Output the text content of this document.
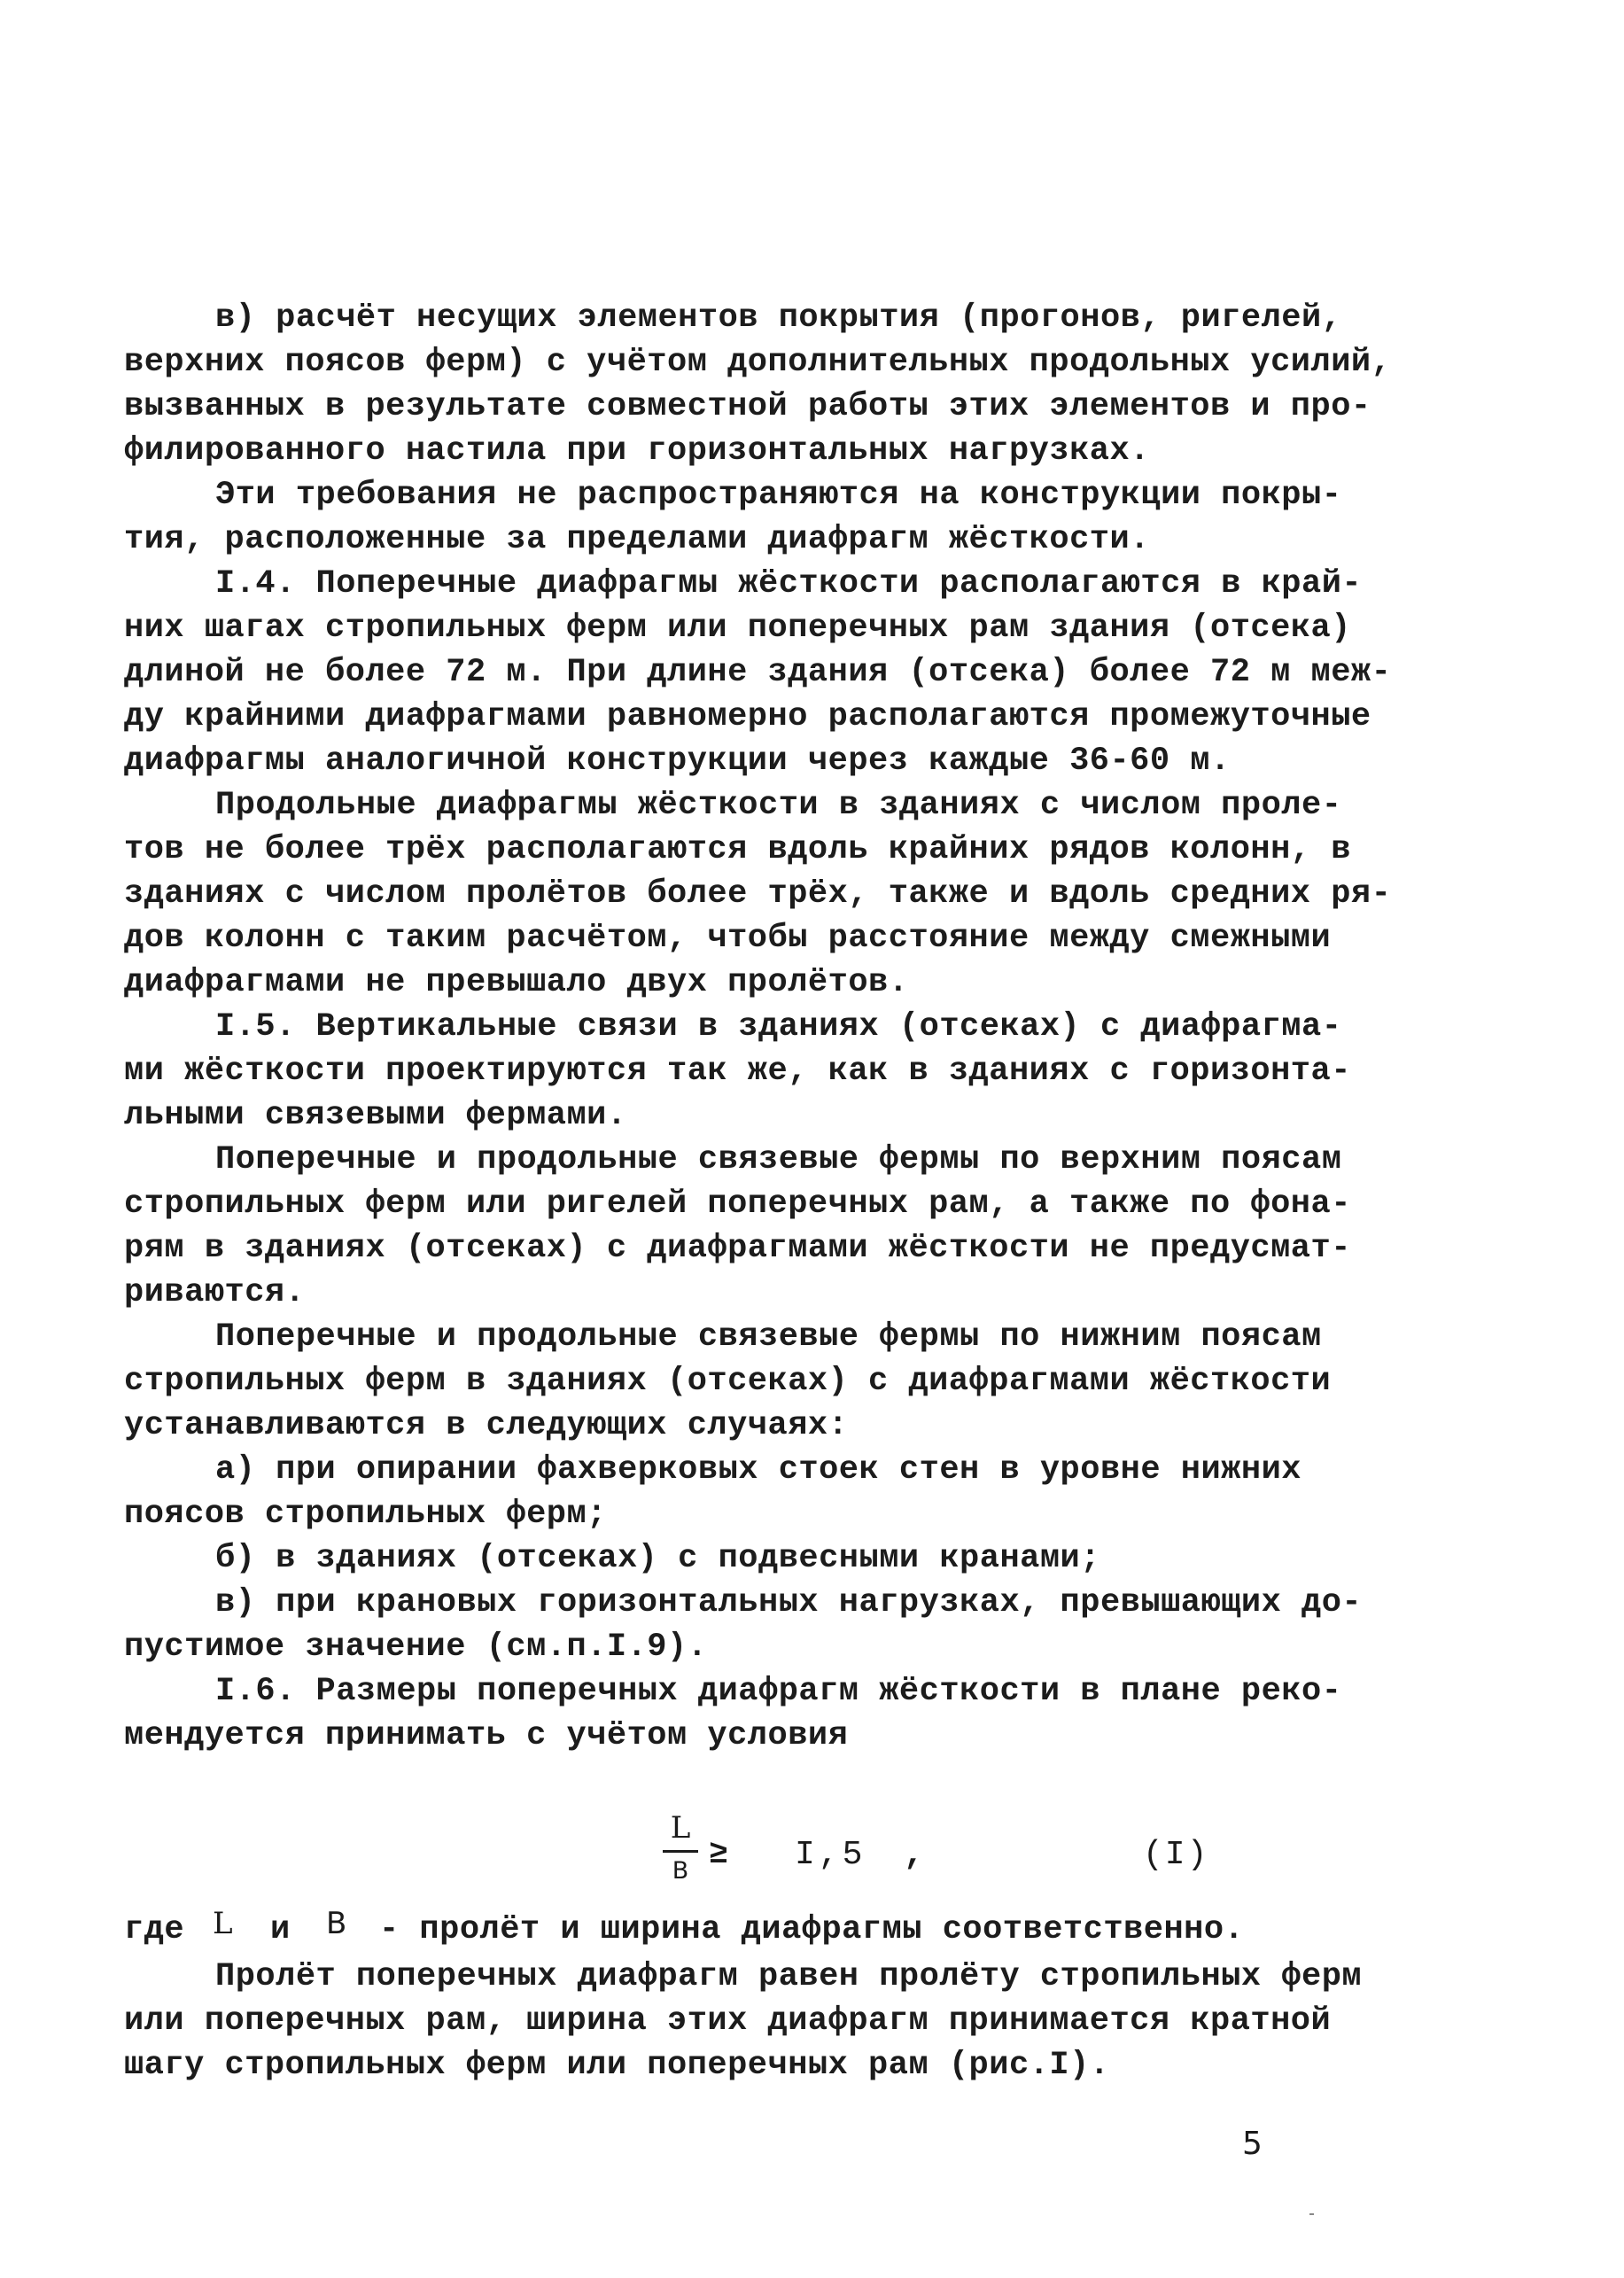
в) расчёт несущих элементов покрытия (прогонов, ригелей,
верхних поясов ферм) с учётом дополнительных продольных усилий,
вызванных в результате совместной работы этих элементов и про-
филированного настила при горизонтальных нагрузках.
Эти требования не распространяются на конструкции покры-
тия, расположенные за пределами диафрагм жёсткости.
I.4. Поперечные диафрагмы жёсткости располагаются в край-
них шагах стропильных ферм или поперечных рам здания (отсека)
длиной не более 72 м. При длине здания (отсека) более 72 м меж-
ду крайними диафрагмами равномерно располагаются промежуточные
диафрагмы аналогичной конструкции через каждые 36-60 м.
Продольные диафрагмы жёсткости в зданиях с числом проле-
тов не более трёх располагаются вдоль крайних рядов колонн, в
зданиях с числом пролётов более трёх, также и вдоль средних ря-
дов колонн с таким расчётом, чтобы расстояние между смежными
диафрагмами не превышало двух пролётов.
I.5. Вертикальные связи в зданиях (отсеках) с диафрагма-
ми жёсткости проектируются так же, как в зданиях с горизонта-
льными связевыми фермами.
Поперечные и продольные связевые фермы по верхним поясам
стропильных ферм или ригелей поперечных рам, а также по фона-
рям в зданиях (отсеках) с диафрагмами жёсткости не предусмат-
риваются.
Поперечные и продольные связевые фермы по нижним поясам
стропильных ферм в зданиях (отсеках) с диафрагмами жёсткости
устанавливаются в следующих случаях:
а) при опирании фахверковых стоек стен в уровне нижних
поясов стропильных ферм;
б) в зданиях (отсеках) с подвесными кранами;
в) при крановых горизонтальных нагрузках, превышающих до-
пустимое значение (см.п.I.9).
I.6. Размеры поперечных диафрагм жёсткости в плане реко-
мендуется принимать с учётом условия
L
B ≥ I,5 ,	(I)
где L и B - пролёт и ширина диафрагмы соответственно.
Пролёт поперечных диафрагм равен пролёту стропильных ферм
или поперечных рам, ширина этих диафрагм принимается кратной
шагу стропильных ферм или поперечных рам (рис.I).
5
